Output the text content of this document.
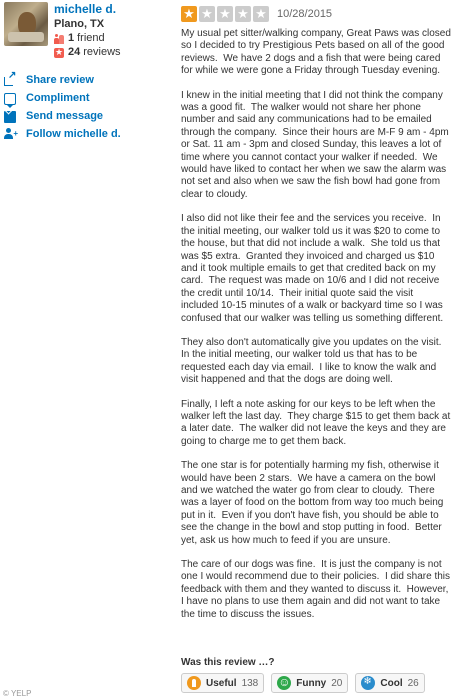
michelle d.
Plano, TX
1 friend
★
24 reviews
↗
Share review
Compliment
Send message
+ Follow michelle d.
★ ★ ★ ★ ★ 10/28/2015

My usual pet sitter/walking company, Great Paws was closed so I decided to try Prestigious Pets based on all of the good reviews.  We have 2 dogs and a fish that were being cared for while we were gone a Friday through Tuesday evening.

I knew in the initial meeting that I did not think the company was a good fit.  The walker would not share her phone number and said any communications had to be emailed through the company.  Since their hours are M-F 9 am - 4pm or Sat. 11 am - 3pm and closed Sunday, this leaves a lot of time where you cannot contact your walker if needed.  We would have liked to contact her when we saw the alarm was not set and also when we saw the fish bowl had gone from clear to cloudy.

I also did not like their fee and the services you receive.  In the initial meeting, our walker told us it was $20 to come to the house, but that did not include a walk.  She told us that was $5 extra.  Granted they invoiced and charged us $10 and it took multiple emails to get that credited back on my card.  The request was made on 10/6 and I did not receive the credit until 10/14.  Their initial quote said the visit included 10-15 minutes of a walk or backyard time so I was confused that our walker was telling us something different.

They also don't automatically give you updates on the visit.  In the initial meeting, our walker told us that has to be requested each day via email.  I like to know the walk and visit happened and that the dogs are doing well.

Finally, I left a note asking for our keys to be left when the walker left the last day.  They charge $15 to get them back at a later date.  The walker did not leave the keys and they are going to charge me to get them back.

The one star is for potentially harming my fish, otherwise it would have been 2 stars.  We have a camera on the bowl and we watched the water go from clear to cloudy.  There was a layer of food on the bottom from way too much being put in it.  Even if you don't have fish, you should be able to see the change in the bowl and stop putting in food.  Better yet, ask us how much to feed if you are unsure.

The care of our dogs was fine.  It is just the company is not one I would recommend due to their policies.  I did share this feedback with them and they wanted to discuss it.  However, I have no plans to use them again and did not want to take the time to discuss the issues.

Was this review …?
Useful 138 ☺	Funny 20 ❄	Cool 26
© YELP
